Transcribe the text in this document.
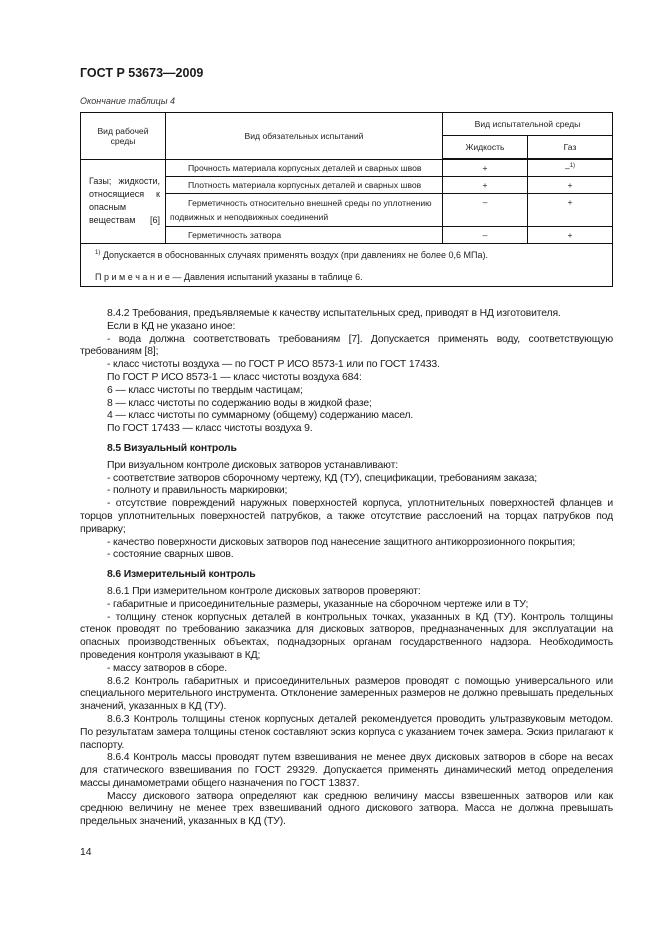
ГОСТ Р 53673—2009
Окончание таблицы 4
Вид рабочей среды	Вид обязательных испытаний	Вид испытательной среды	
		Жидкость	Газ
Газы; жидкости, относящиеся к опасным веществам [6]	Прочность материала корпусных деталей и сварных швов	+	–$^{1)}$
	Плотность материала корпусных деталей и сварных швов	+	+
	Герметичность относительно внешней среды по уплотнению подвижных и неподвижных соединений	–	+
	Герметичность затвора	–	+

$^{1)}$ Допускается в обоснованных случаях применять воздух (при давлениях не более 0,6 МПа).

П р и м е ч а н и е — Давления испытаний указаны в таблице 6.			

8.4.2 Требования, предъявляемые к качеству испытательных сред, приводят в НД изготовителя.

Если в КД не указано иное:

- вода должна соответствовать требованиям [7]. Допускается применять воду, соответствующую требованиям [8];

- класс чистоты воздуха — по ГОСТ Р ИСО 8573-1 или по ГОСТ 17433.

По ГОСТ Р ИСО 8573-1 — класс чистоты воздуха 684:

6 — класс чистоты по твердым частицам;

8 — класс чистоты по содержанию воды в жидкой фазе;

4 — класс чистоты по суммарному (общему) содержанию масел.

По ГОСТ 17433 — класс чистоты воздуха 9.

8.5 Визуальный контроль

При визуальном контроле дисковых затворов устанавливают:

- соответствие затворов сборочному чертежу, КД (ТУ), спецификации, требованиям заказа;

- полноту и правильность маркировки;

- отсутствие повреждений наружных поверхностей корпуса, уплотнительных поверхностей фланцев и торцов уплотнительных поверхностей патрубков, а также отсутствие расслоений на торцах патрубков под приварку;

- качество поверхности дисковых затворов под нанесение защитного антикоррозионного покрытия;

- состояние сварных швов.

8.6 Измерительный контроль

8.6.1 При измерительном контроле дисковых затворов проверяют:

- габаритные и присоединительные размеры, указанные на сборочном чертеже или в ТУ;

- толщину стенок корпусных деталей в контрольных точках, указанных в КД (ТУ). Контроль толщины стенок проводят по требованию заказчика для дисковых затворов, предназначенных для эксплуатации на опасных производственных объектах, поднадзорных органам государственного надзора. Необходимость проведения контроля указывают в КД;

- массу затворов в сборе.

8.6.2 Контроль габаритных и присоединительных размеров проводят с помощью универсального или специального мерительного инструмента. Отклонение замеренных размеров не должно превышать предельных значений, указанных в КД (ТУ).

8.6.3 Контроль толщины стенок корпусных деталей рекомендуется проводить ультразвуковым методом. По результатам замера толщины стенок составляют эскиз корпуса с указанием точек замера. Эскиз прилагают к паспорту.

8.6.4 Контроль массы проводят путем взвешивания не менее двух дисковых затворов в сборе на весах для статического взвешивания по ГОСТ 29329. Допускается применять динамический метод определения массы динамометрами общего назначения по ГОСТ 13837.

Массу дискового затвора определяют как среднюю величину массы взвешенных затворов или как среднюю величину не менее трех взвешиваний одного дискового затвора. Масса не должна превышать предельных значений, указанных в КД (ТУ).

14
